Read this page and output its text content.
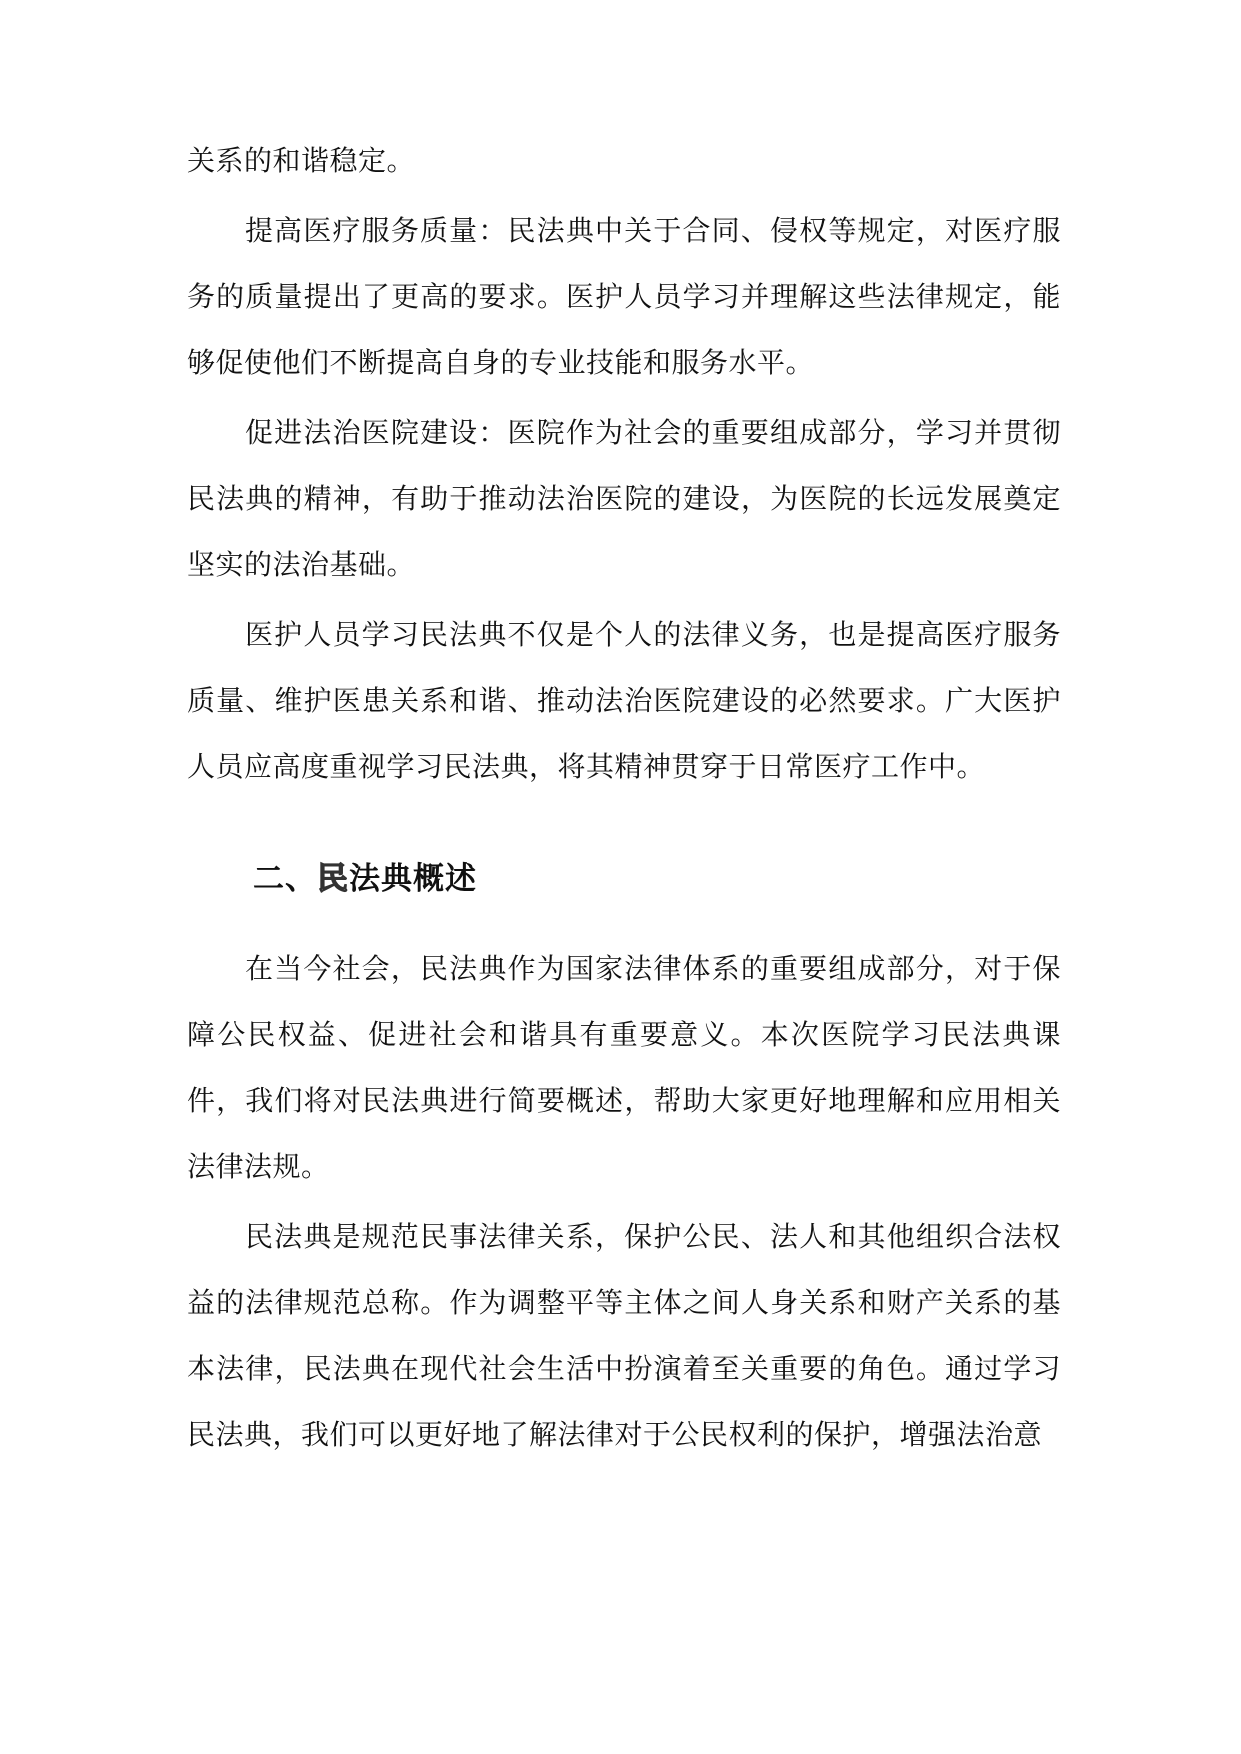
关系的和谐稳定。

提高医疗服务质量：民法典中关于合同、侵权等规定，对医疗服务的质量提出了更高的要求。医护人员学习并理解这些法律规定，能够促使他们不断提高自身的专业技能和服务水平。

促进法治医院建设：医院作为社会的重要组成部分，学习并贯彻民法典的精神，有助于推动法治医院的建设，为医院的长远发展奠定坚实的法治基础。

医护人员学习民法典不仅是个人的法律义务，也是提高医疗服务质量、维护医患关系和谐、推动法治医院建设的必然要求。广大医护人员应高度重视学习民法典，将其精神贯穿于日常医疗工作中。

二、民法典概述

在当今社会，民法典作为国家法律体系的重要组成部分，对于保障公民权益、促进社会和谐具有重要意义。本次医院学习民法典课件，我们将对民法典进行简要概述，帮助大家更好地理解和应用相关法律法规。

民法典是规范民事法律关系，保护公民、法人和其他组织合法权益的法律规范总称。作为调整平等主体之间人身关系和财产关系的基本法律，民法典在现代社会生活中扮演着至关重要的角色。通过学习民法典，我们可以更好地了解法律对于公民权利的保护，增强法治意
